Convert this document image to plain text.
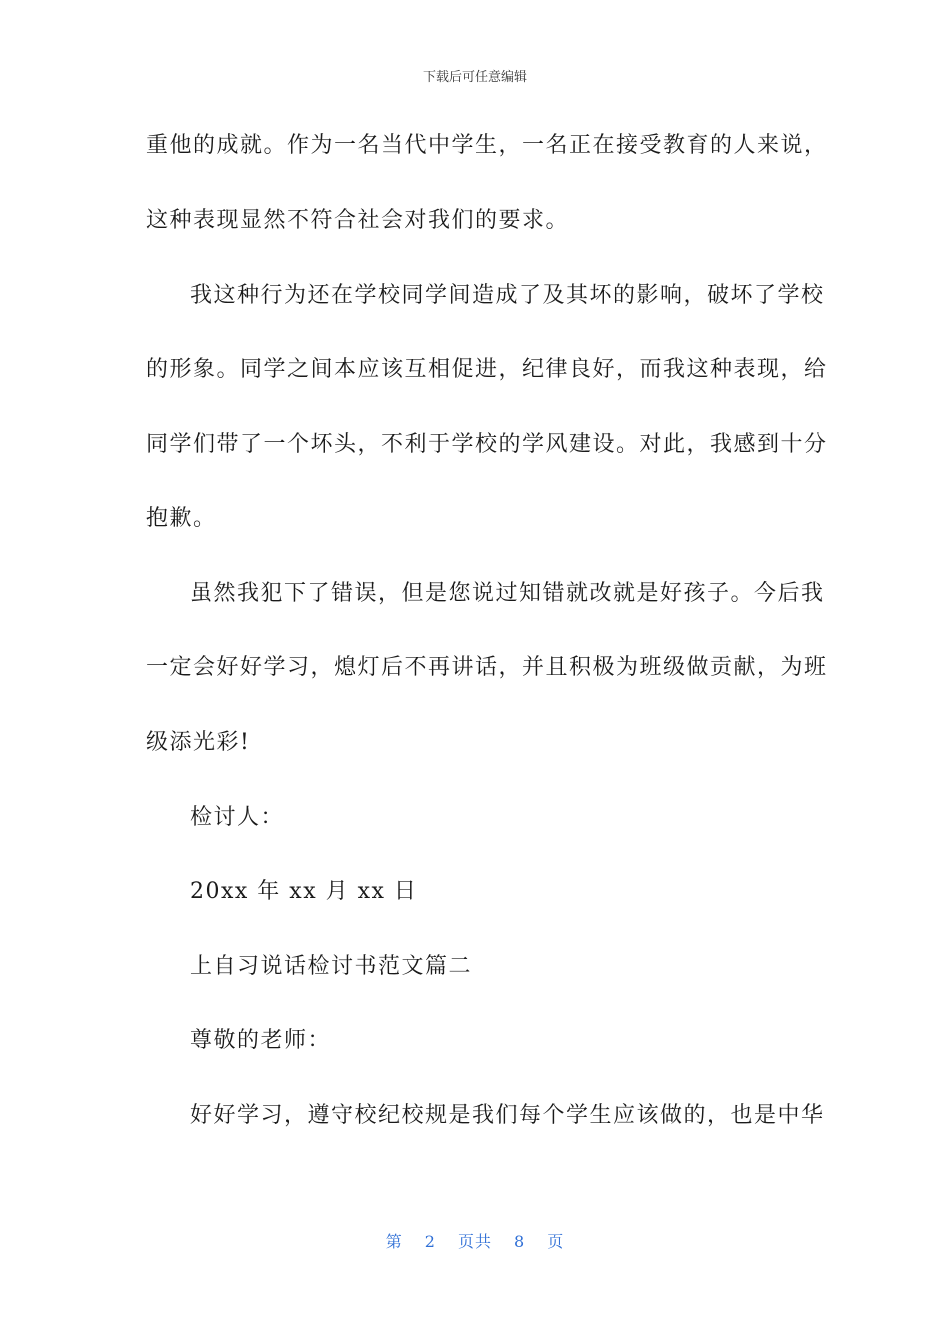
下载后可任意编辑
重他的成就。作为一名当代中学生，一名正在接受教育的人来说，
这种表现显然不符合社会对我们的要求。
我这种行为还在学校同学间造成了及其坏的影响，破坏了学校
的形象。同学之间本应该互相促进，纪律良好，而我这种表现，给
同学们带了一个坏头，不利于学校的学风建设。对此，我感到十分
抱歉。
虽然我犯下了错误，但是您说过知错就改就是好孩子。今后我
一定会好好学习，熄灯后不再讲话，并且积极为班级做贡献，为班
级添光彩!
检讨人：
20xx 年 xx 月 xx 日
上自习说话检讨书范文篇二
尊敬的老师：
好好学习，遵守校纪校规是我们每个学生应该做的，也是中华
第 2 页共 8 页
